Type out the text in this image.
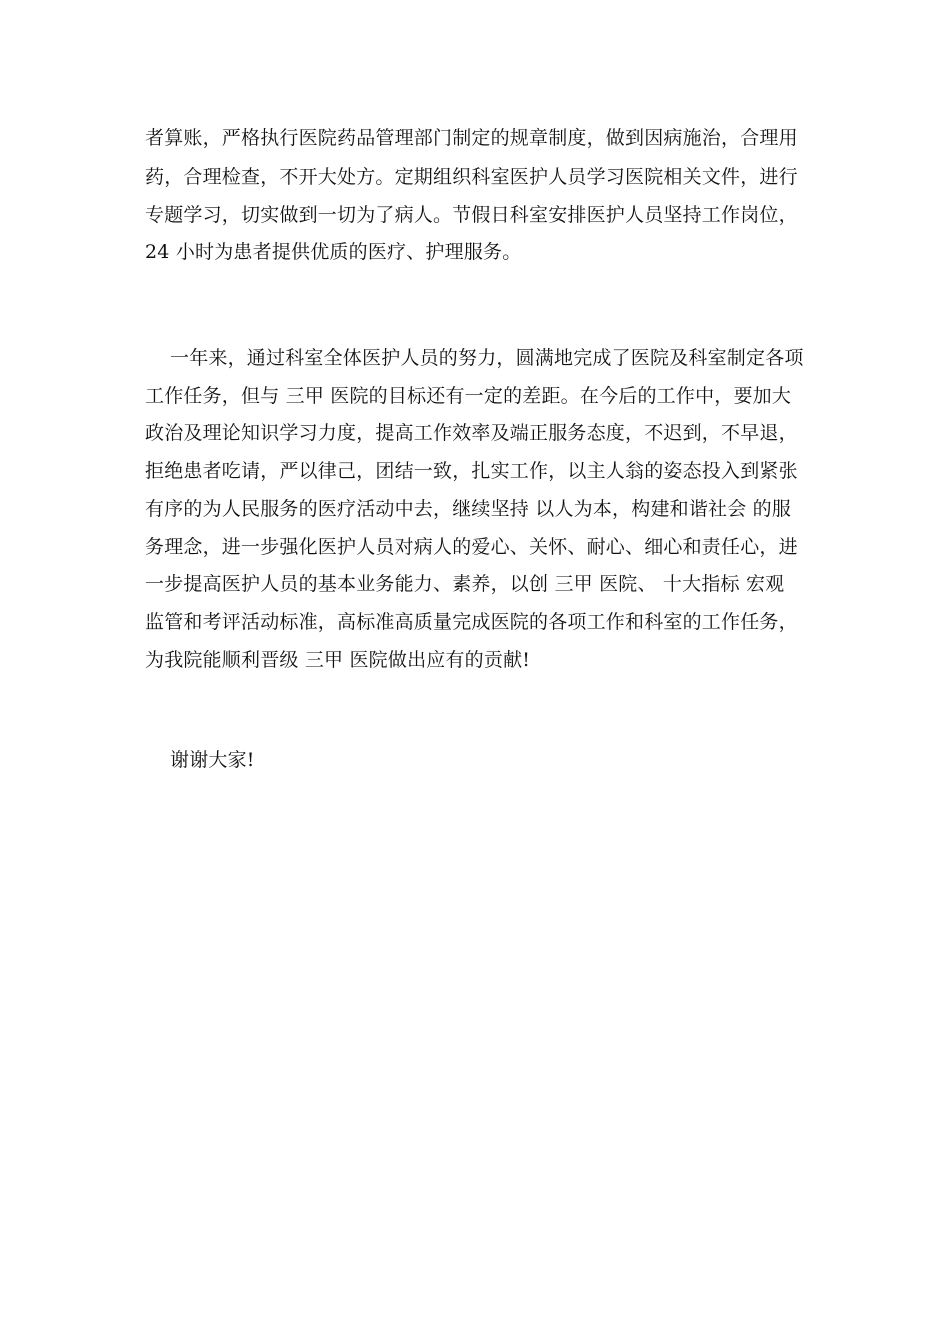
者算账，严格执行医院药品管理部门制定的规章制度，做到因病施治，合理用

药，合理检查，不开大处方。定期组织科室医护人员学习医院相关文件，进行

专题学习，切实做到一切为了病人。节假日科室安排医护人员坚持工作岗位，

24 小时为患者提供优质的医疗、护理服务。

一年来，通过科室全体医护人员的努力，圆满地完成了医院及科室制定各项

工作任务，但与 三甲 医院的目标还有一定的差距。在今后的工作中，要加大

政治及理论知识学习力度，提高工作效率及端正服务态度，不迟到，不早退，

拒绝患者吃请，严以律己，团结一致，扎实工作，以主人翁的姿态投入到紧张

有序的为人民服务的医疗活动中去，继续坚持 以人为本，构建和谐社会 的服

务理念，进一步强化医护人员对病人的爱心、关怀、耐心、细心和责任心，进

一步提高医护人员的基本业务能力、素养，以创 三甲 医院、 十大指标 宏观

监管和考评活动标准，高标准高质量完成医院的各项工作和科室的工作任务，

为我院能顺利晋级 三甲 医院做出应有的贡献!

谢谢大家!
